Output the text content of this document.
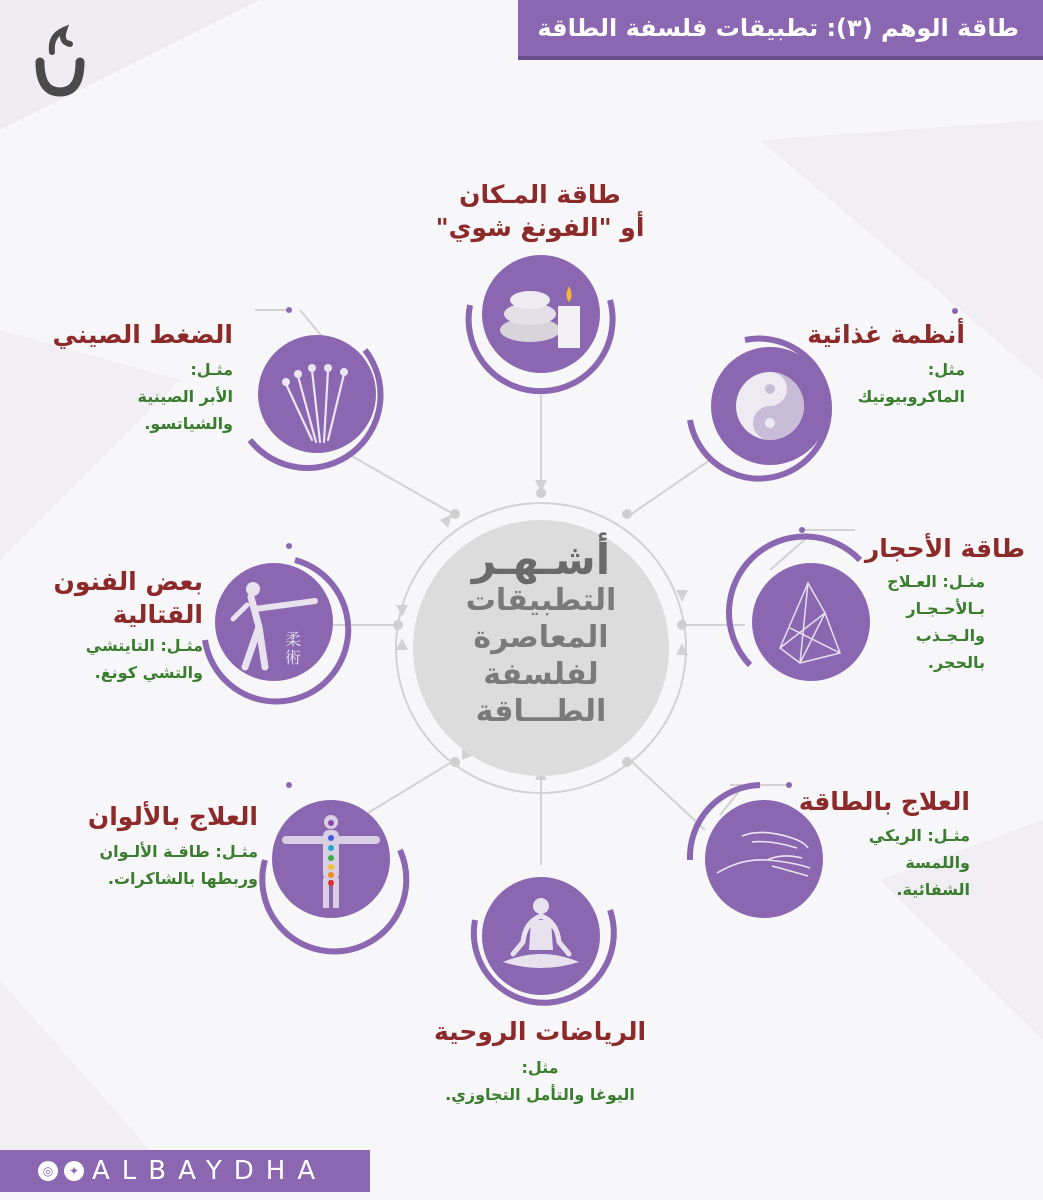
طاقة الوهم (٣): تطبيقات فلسفة الطاقة
أشـهـر
التطبيقات
المعاصرة
لفلسفة
الطـــاقة
طاقة المـكان
أو "الفونغ شوي"
أنظمة غذائية
مثل:
الماكروبيوتيك
طاقة الأحجار
مثـل: العـلاج
بـالأحـجـار
والـجـذب
بالحجر.
العلاج بالطاقة
مثـل: الريكي
واللمسة
الشفائية.
الرياضات الروحية
مثل:
اليوغا والتأمل التجاوزي.
العلاج بالألوان
مثـل: طاقـة الألـوان
وربطها بالشاكرات.
柔
術
بعض الفنون
القتالية
مثـل: التايتشي
والتشي كونغ.
الضغط الصيني
مثـل:
الأبر الصينية
والشياتسو.
◎	✦ ALBAYDHA
